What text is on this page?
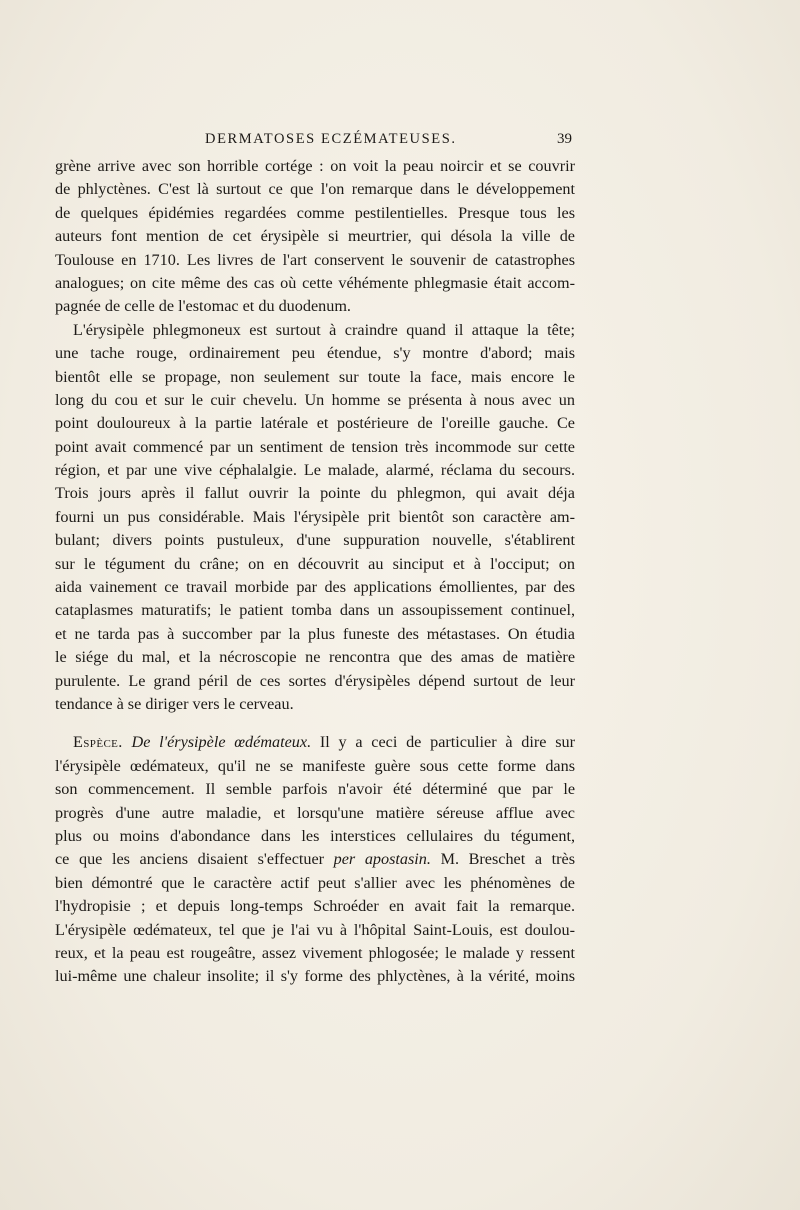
DERMATOSES ECZÉMATEUSES.	39
grène arrive avec son horrible cortége : on voit la peau noircir et se couvrir
de phlyctènes. C'est là surtout ce que l'on remarque dans le développement
de quelques épidémies regardées comme pestilentielles. Presque tous les
auteurs font mention de cet érysipèle si meurtrier, qui désola la ville de
Toulouse en 1710. Les livres de l'art conservent le souvenir de catastrophes
analogues; on cite même des cas où cette véhémente phlegmasie était accom-
pagnée de celle de l'estomac et du duodenum.
L'érysipèle phlegmoneux est surtout à craindre quand il attaque la tête;
une tache rouge, ordinairement peu étendue, s'y montre d'abord; mais
bientôt elle se propage, non seulement sur toute la face, mais encore le
long du cou et sur le cuir chevelu. Un homme se présenta à nous avec un
point douloureux à la partie latérale et postérieure de l'oreille gauche. Ce
point avait commencé par un sentiment de tension très incommode sur cette
région, et par une vive céphalalgie. Le malade, alarmé, réclama du secours.
Trois jours après il fallut ouvrir la pointe du phlegmon, qui avait déja
fourni un pus considérable. Mais l'érysipèle prit bientôt son caractère am-
bulant; divers points pustuleux, d'une suppuration nouvelle, s'établirent
sur le tégument du crâne; on en découvrit au sinciput et à l'occiput; on
aida vainement ce travail morbide par des applications émollientes, par des
cataplasmes maturatifs; le patient tomba dans un assoupissement continuel,
et ne tarda pas à succomber par la plus funeste des métastases. On étudia
le siége du mal, et la nécroscopie ne rencontra que des amas de matière
purulente. Le grand péril de ces sortes d'érysipèles dépend surtout de leur
tendance à se diriger vers le cerveau.
Espèce. De l'érysipèle œdémateux. Il y a ceci de particulier à dire sur
l'érysipèle œdémateux, qu'il ne se manifeste guère sous cette forme dans
son commencement. Il semble parfois n'avoir été déterminé que par le
progrès d'une autre maladie, et lorsqu'une matière séreuse afflue avec
plus ou moins d'abondance dans les interstices cellulaires du tégument,
ce que les anciens disaient s'effectuer per apostasin. M. Breschet a très
bien démontré que le caractère actif peut s'allier avec les phénomènes de
l'hydropisie ; et depuis long-temps Schroéder en avait fait la remarque.
L'érysipèle œdémateux, tel que je l'ai vu à l'hôpital Saint-Louis, est doulou-
reux, et la peau est rougeâtre, assez vivement phlogosée; le malade y ressent
lui-même une chaleur insolite; il s'y forme des phlyctènes, à la vérité, moins
